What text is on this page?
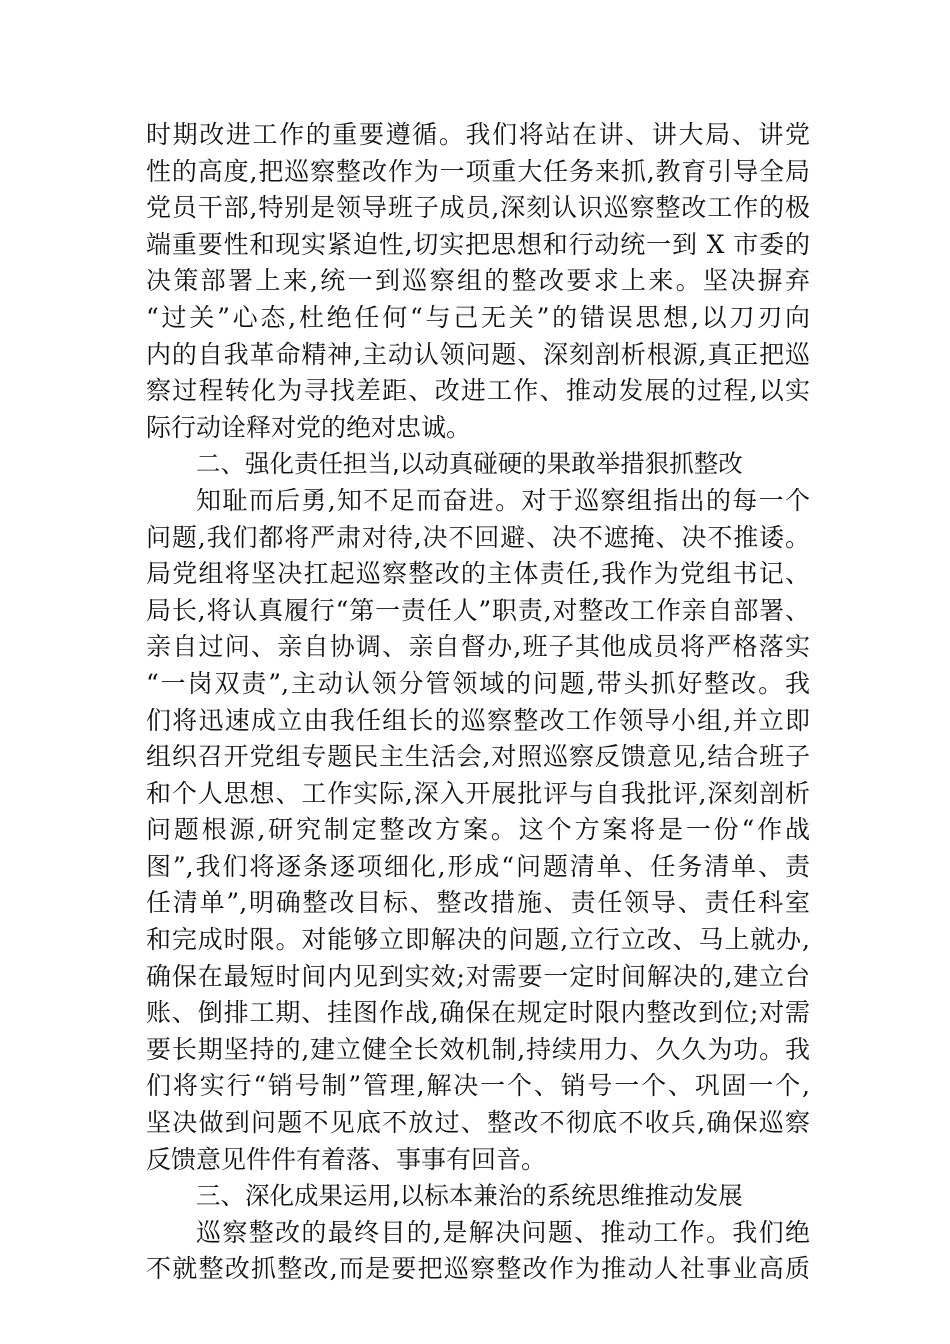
时期改进工作的重要遵循。我们将站在讲、讲大局、讲党
性的高度,把巡察整改作为一项重大任务来抓,教育引导全局
党员干部,特别是领导班子成员,深刻认识巡察整改工作的极
端重要性和现实紧迫性,切实把思想和行动统一到 X 市委的
决策部署上来,统一到巡察组的整改要求上来。坚决摒弃
“过关”心态,杜绝任何“与己无关”的错误思想,以刀刃向
内的自我革命精神,主动认领问题、深刻剖析根源,真正把巡
察过程转化为寻找差距、改进工作、推动发展的过程,以实
际行动诠释对党的绝对忠诚。
二、强化责任担当,以动真碰硬的果敢举措狠抓整改
知耻而后勇,知不足而奋进。对于巡察组指出的每一个
问题,我们都将严肃对待,决不回避、决不遮掩、决不推诿。
局党组将坚决扛起巡察整改的主体责任,我作为党组书记、
局长,将认真履行“第一责任人”职责,对整改工作亲自部署、
亲自过问、亲自协调、亲自督办,班子其他成员将严格落实
“一岗双责”,主动认领分管领域的问题,带头抓好整改。我
们将迅速成立由我任组长的巡察整改工作领导小组,并立即
组织召开党组专题民主生活会,对照巡察反馈意见,结合班子
和个人思想、工作实际,深入开展批评与自我批评,深刻剖析
问题根源,研究制定整改方案。这个方案将是一份“作战
图”,我们将逐条逐项细化,形成“问题清单、任务清单、责
任清单”,明确整改目标、整改措施、责任领导、责任科室
和完成时限。对能够立即解决的问题,立行立改、马上就办,
确保在最短时间内见到实效;对需要一定时间解决的,建立台
账、倒排工期、挂图作战,确保在规定时限内整改到位;对需
要长期坚持的,建立健全长效机制,持续用力、久久为功。我
们将实行“销号制”管理,解决一个、销号一个、巩固一个,
坚决做到问题不见底不放过、整改不彻底不收兵,确保巡察
反馈意见件件有着落、事事有回音。
三、深化成果运用,以标本兼治的系统思维推动发展
巡察整改的最终目的,是解决问题、推动工作。我们绝
不就整改抓整改,而是要把巡察整改作为推动人社事业高质
